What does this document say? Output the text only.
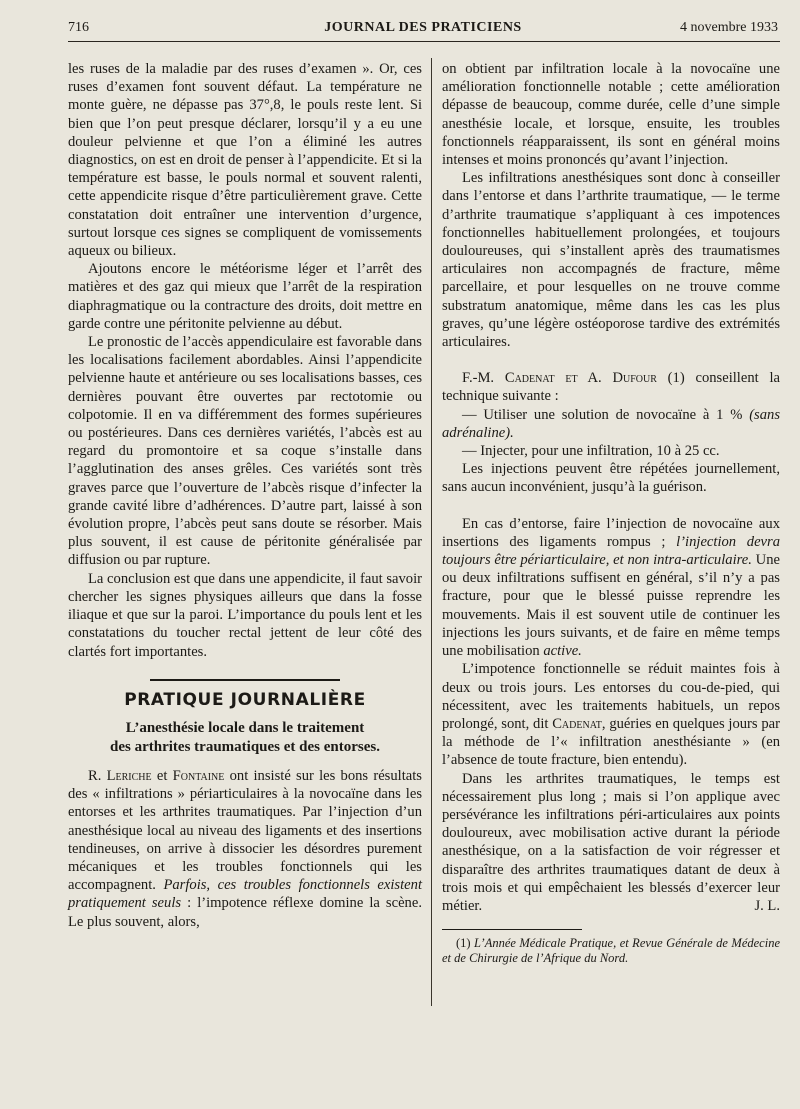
716	JOURNAL DES PRATICIENS	4 novembre 1933

les ruses de la maladie par des ruses d’examen ». Or, ces ruses d’examen font souvent défaut. La température ne monte guère, ne dépasse pas 37°,8, le pouls reste lent. Si bien que l’on peut presque déclarer, lorsqu’il y a eu une douleur pelvienne et que l’on a éliminé les autres diagnostics, on est en droit de penser à l’appendicite. Et si la température est basse, le pouls normal et souvent ralenti, cette appendicite risque d’être particulièrement grave. Cette constatation doit entraîner une intervention d’urgence, surtout lorsque ces signes se compliquent de vomissements aqueux ou bilieux.

Ajoutons encore le météorisme léger et l’arrêt des matières et des gaz qui mieux que l’arrêt de la respiration diaphragmatique ou la contracture des droits, doit mettre en garde contre une péritonite pelvienne au début.

Le pronostic de l’accès appendiculaire est favorable dans les localisations facilement abordables. Ainsi l’appendicite pelvienne haute et antérieure ou ses localisations basses, ces dernières pouvant être ouvertes par rectotomie ou colpotomie. Il en va différemment des formes supérieures ou postérieures. Dans ces dernières variétés, l’abcès est au regard du promontoire et sa coque s’installe dans l’agglutination des anses grêles. Ces variétés sont très graves parce que l’ouverture de l’abcès risque d’infecter la grande cavité libre d’adhérences. D’autre part, laissé à son évolution propre, l’abcès peut sans doute se résorber. Mais plus souvent, il est cause de péritonite généralisée par diffusion ou par rupture.

La conclusion est que dans une appendicite, il faut savoir chercher les signes physiques ailleurs que dans la fosse iliaque et que sur la paroi. L’importance du pouls lent et les constatations du toucher rectal jettent de leur côté des clartés fort importantes.

PRATIQUE JOURNALIÈRE
L’anesthésie locale dans le traitement
des arthrites traumatiques et des entorses.

R. Leriche et Fontaine ont insisté sur les bons résultats des « infiltrations » périarticulaires à la novocaïne dans les entorses et les arthrites traumatiques. Par l’injection d’un anesthésique local au niveau des ligaments et des insertions tendineuses, on arrive à dissocier les désordres purement mécaniques et les troubles fonctionnels qui les accompagnent. Parfois, ces troubles fonctionnels existent pratiquement seuls : l’impotence réflexe domine la scène. Le plus souvent, alors,

on obtient par infiltration locale à la novocaïne une amélioration fonctionnelle notable ; cette amélioration dépasse de beaucoup, comme durée, celle d’une simple anesthésie locale, et lorsque, ensuite, les troubles fonctionnels réapparaissent, ils sont en général moins intenses et moins prononcés qu’avant l’injection.

Les infiltrations anesthésiques sont donc à conseiller dans l’entorse et dans l’arthrite traumatique, — le terme d’arthrite traumatique s’appliquant à ces impotences fonctionnelles habituellement prolongées, et toujours douloureuses, qui s’installent après des traumatismes articulaires non accompagnés de fracture, même parcellaire, et pour lesquelles on ne trouve comme substratum anatomique, même dans les cas les plus graves, qu’une légère ostéoporose tardive des extrémités articulaires.

F.-M. Cadenat et A. Dufour (1) conseillent la technique suivante :

— Utiliser une solution de novocaïne à 1 % (sans adrénaline).

— Injecter, pour une infiltration, 10 à 25 cc.

Les injections peuvent être répétées journellement, sans aucun inconvénient, jusqu’à la guérison.

En cas d’entorse, faire l’injection de novocaïne aux insertions des ligaments rompus ; l’injection devra toujours être périarticulaire, et non intra-articulaire. Une ou deux infiltrations suffisent en général, s’il n’y a pas fracture, pour que le blessé puisse reprendre les mouvements. Mais il est souvent utile de continuer les injections les jours suivants, et de faire en même temps une mobilisation active.

L’impotence fonctionnelle se réduit maintes fois à deux ou trois jours. Les entorses du cou-de-pied, qui nécessitent, avec les traitements habituels, un repos prolongé, sont, dit Cadenat, guéries en quelques jours par la méthode de l’« infiltration anesthésiante » (en l’absence de toute fracture, bien entendu).

Dans les arthrites traumatiques, le temps est nécessairement plus long ; mais si l’on applique avec persévérance les infiltrations péri-articulaires aux points douloureux, avec mobilisation active durant la période anesthésique, on a la satisfaction de voir régresser et disparaître des arthrites traumatiques datant de deux à trois mois et qui empêchaient les blessés d’exercer leur métier.	J. L.

(1) L’Année Médicale Pratique, et Revue Générale de Médecine et de Chirurgie de l’Afrique du Nord.
